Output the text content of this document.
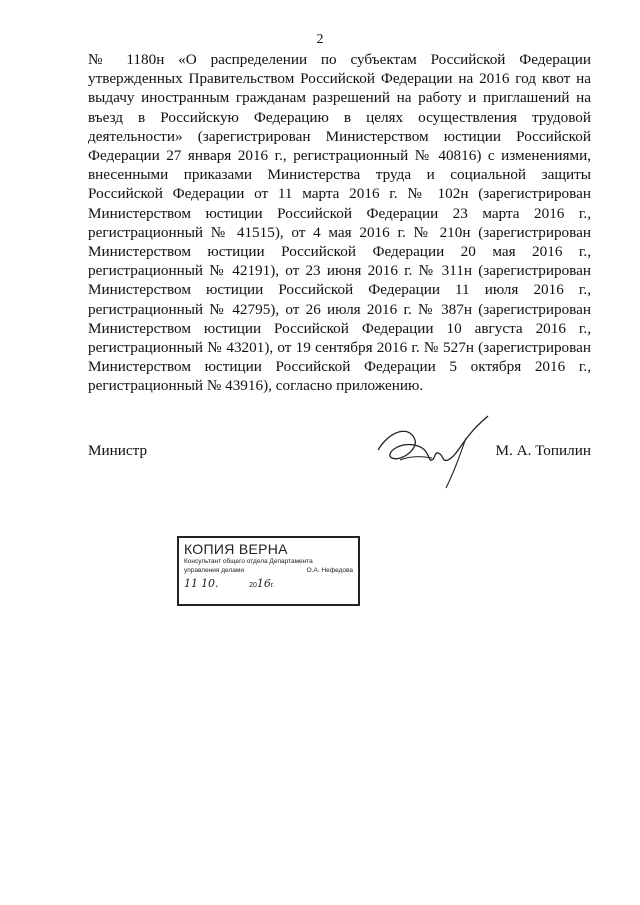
2

№ 1180н «О распределении по субъектам Российской Федерации утвержденных Правительством Российской Федерации на 2016 год квот на выдачу иностранным гражданам разрешений на работу и приглашений на въезд в Российскую Федерацию в целях осуществления трудовой деятельности» (зарегистрирован Министерством юстиции Российской Федерации 27 января 2016 г., регистрационный № 40816) с изменениями, внесенными приказами Министерства труда и социальной защиты Российской Федерации от 11 марта 2016 г. № 102н (зарегистрирован Министерством юстиции Российской Федерации 23 марта 2016 г., регистрационный № 41515), от 4 мая 2016 г. № 210н (зарегистрирован Министерством юстиции Российской Федерации 20 мая 2016 г., регистрационный № 42191), от 23 июня 2016 г. № 311н (зарегистрирован Министерством юстиции Российской Федерации 11 июля 2016 г., регистрационный № 42795), от 26 июля 2016 г. № 387н (зарегистрирован Министерством юстиции Российской Федерации 10 августа 2016 г., регистрационный № 43201), от 19 сентября 2016 г. № 527н (зарегистрирован Министерством юстиции Российской Федерации 5 октября 2016 г., регистрационный № 43916), согласно приложению.

Министр	М. А. Топилин
КОПИЯ ВЕРНА
Консультант общего отдела Департамента
управления делами	О.А. Нефедова
11 10.	2016г.
